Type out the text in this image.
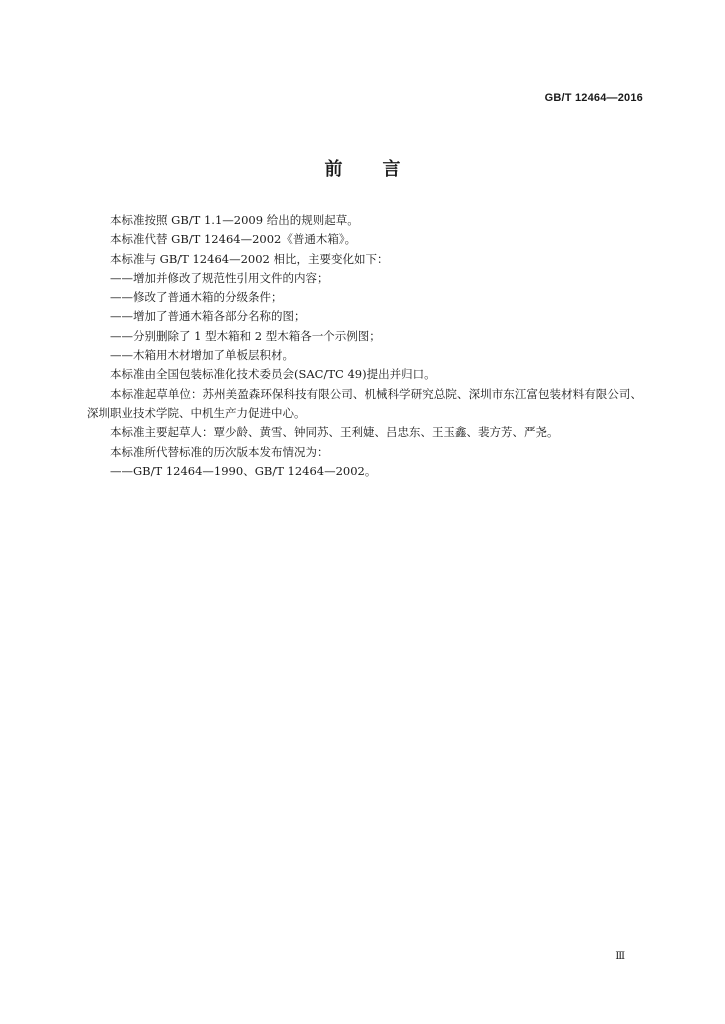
GB/T 12464—2016
前言

本标准按照 GB/T 1.1—2009 给出的规则起草。

本标准代替 GB/T 12464—2002《普通木箱》。

本标准与 GB/T 12464—2002 相比，主要变化如下：

——增加并修改了规范性引用文件的内容；

——修改了普通木箱的分级条件；

——增加了普通木箱各部分名称的图；

——分别删除了 1 型木箱和 2 型木箱各一个示例图；

——木箱用木材增加了单板层积材。

本标准由全国包装标准化技术委员会(SAC/TC 49)提出并归口。

本标准起草单位：苏州美盈森环保科技有限公司、机械科学研究总院、深圳市东江富包装材料有限公司、深圳职业技术学院、中机生产力促进中心。

本标准主要起草人：覃少龄、黄雪、钟同苏、王利婕、吕忠东、王玉鑫、裴方芳、严尧。

本标准所代替标准的历次版本发布情况为：

——GB/T 12464—1990、GB/T 12464—2002。

Ⅲ
